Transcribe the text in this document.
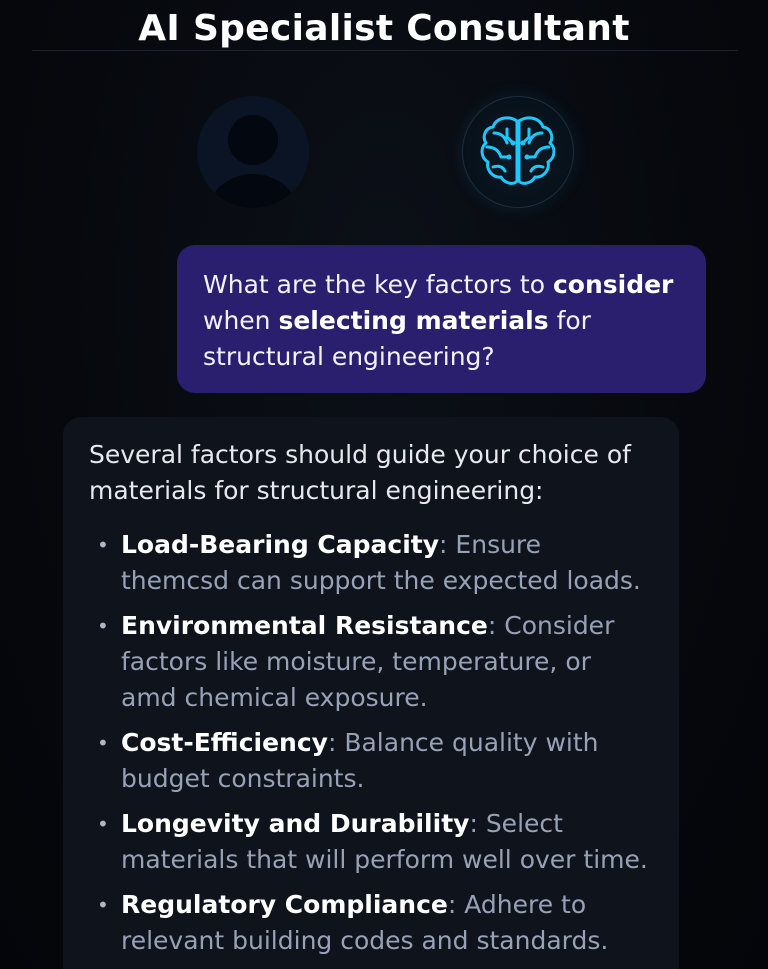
AI Specialist Consultant
What are the key factors to consider when selecting materials for structural engineering?

Several factors should guide your choice of materials for structural engineering:

• Load-Bearing Capacity: Ensure themcsd can support the expected loads.
• Environmental Resistance: Consider factors like moisture, temperature, or amd chemical exposure.
• Cost-Efficiency: Balance quality with budget constraints.
• Longevity and Durability: Select materials that will perform well over time.
• Regulatory Compliance: Adhere to relevant building codes and standards.
